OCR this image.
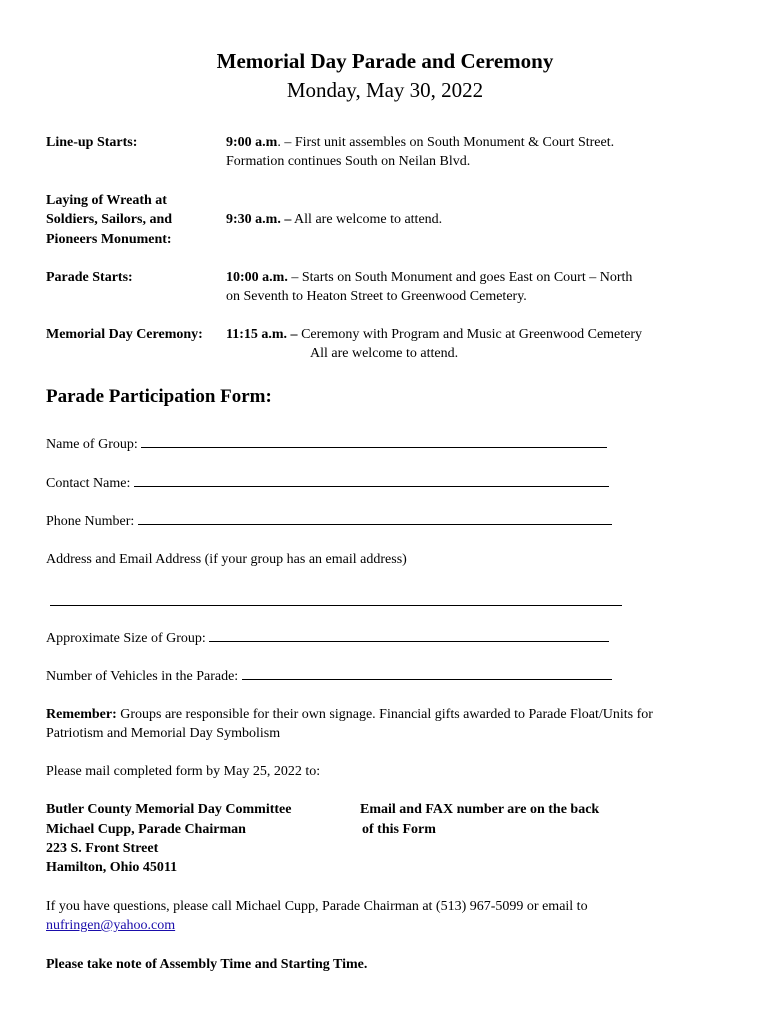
Memorial Day Parade and Ceremony
Monday, May 30, 2022
Line-up Starts:	9:00 a.m. – First unit assembles on South Monument & Court Street.
Formation continues South on Neilan Blvd.
Laying of Wreath at
Soldiers, Sailors, and
Pioneers Monument:
9:30 a.m. – All are welcome to attend.
Parade Starts:	10:00 a.m. – Starts on South Monument and goes East on Court – North
on Seventh to Heaton Street to Greenwood Cemetery.
Memorial Day Ceremony: 11:15 a.m. – Ceremony with Program and Music at Greenwood Cemetery
All are welcome to attend.
Parade Participation Form:
Name of Group:
Contact Name:
Phone Number:
Address and Email Address (if your group has an email address)
Approximate Size of Group:
Number of Vehicles in the Parade:
Remember: Groups are responsible for their own signage. Financial gifts awarded to Parade Float/Units for
Patriotism and Memorial Day Symbolism
Please mail completed form by May 25, 2022 to:
Butler County Memorial Day Committee
Michael Cupp, Parade Chairman
223 S. Front Street
Hamilton, Ohio 45011
Email and FAX number are on the back
of this Form
If you have questions, please call Michael Cupp, Parade Chairman at (513) 967-5099 or email to
nufringen@yahoo.com
Please take note of Assembly Time and Starting Time.
